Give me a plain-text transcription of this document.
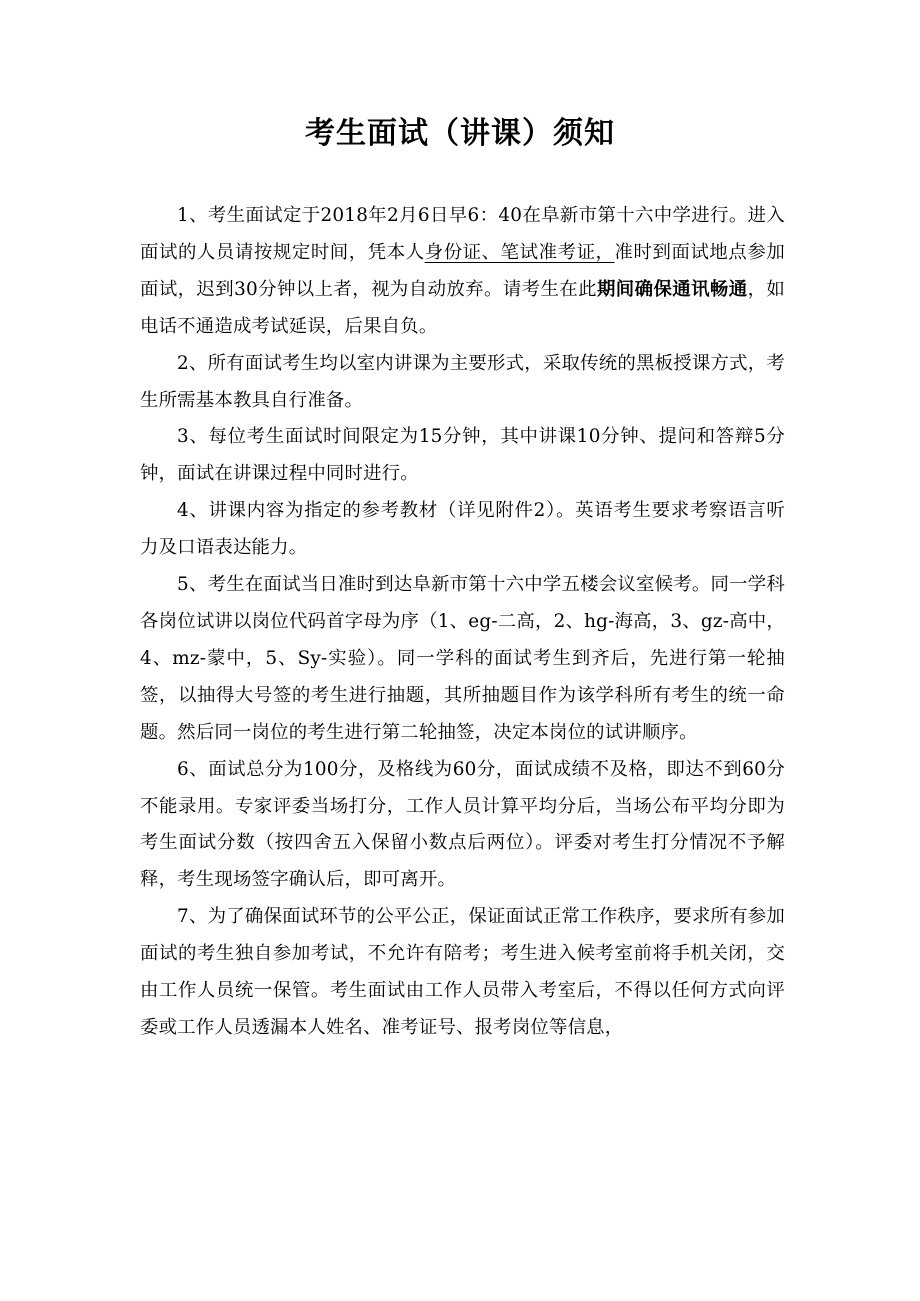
考生面试（讲课）须知

1、考生面试定于2018年2月6日早6：40在阜新市第十六中学进行。进入面试的人员请按规定时间，凭本人身份证、笔试准考证，准时到面试地点参加面试，迟到30分钟以上者，视为自动放弃。请考生在此期间确保通讯畅通，如电话不通造成考试延误，后果自负。

2、所有面试考生均以室内讲课为主要形式，采取传统的黑板授课方式，考生所需基本教具自行准备。

3、每位考生面试时间限定为15分钟，其中讲课10分钟、提问和答辩5分钟，面试在讲课过程中同时进行。

4、讲课内容为指定的参考教材（详见附件2）。英语考生要求考察语言听力及口语表达能力。

5、考生在面试当日准时到达阜新市第十六中学五楼会议室候考。同一学科各岗位试讲以岗位代码首字母为序（1、eg-二高，2、hg-海高，3、gz-高中，4、mz-蒙中，5、Sy-实验）。同一学科的面试考生到齐后，先进行第一轮抽签，以抽得大号签的考生进行抽题，其所抽题目作为该学科所有考生的统一命题。然后同一岗位的考生进行第二轮抽签，决定本岗位的试讲顺序。

6、面试总分为100分，及格线为60分，面试成绩不及格，即达不到60分不能录用。专家评委当场打分，工作人员计算平均分后，当场公布平均分即为考生面试分数（按四舍五入保留小数点后两位）。评委对考生打分情况不予解释，考生现场签字确认后，即可离开。

7、为了确保面试环节的公平公正，保证面试正常工作秩序，要求所有参加面试的考生独自参加考试，不允许有陪考；考生进入候考室前将手机关闭，交由工作人员统一保管。考生面试由工作人员带入考室后，不得以任何方式向评委或工作人员透漏本人姓名、准考证号、报考岗位等信息，
